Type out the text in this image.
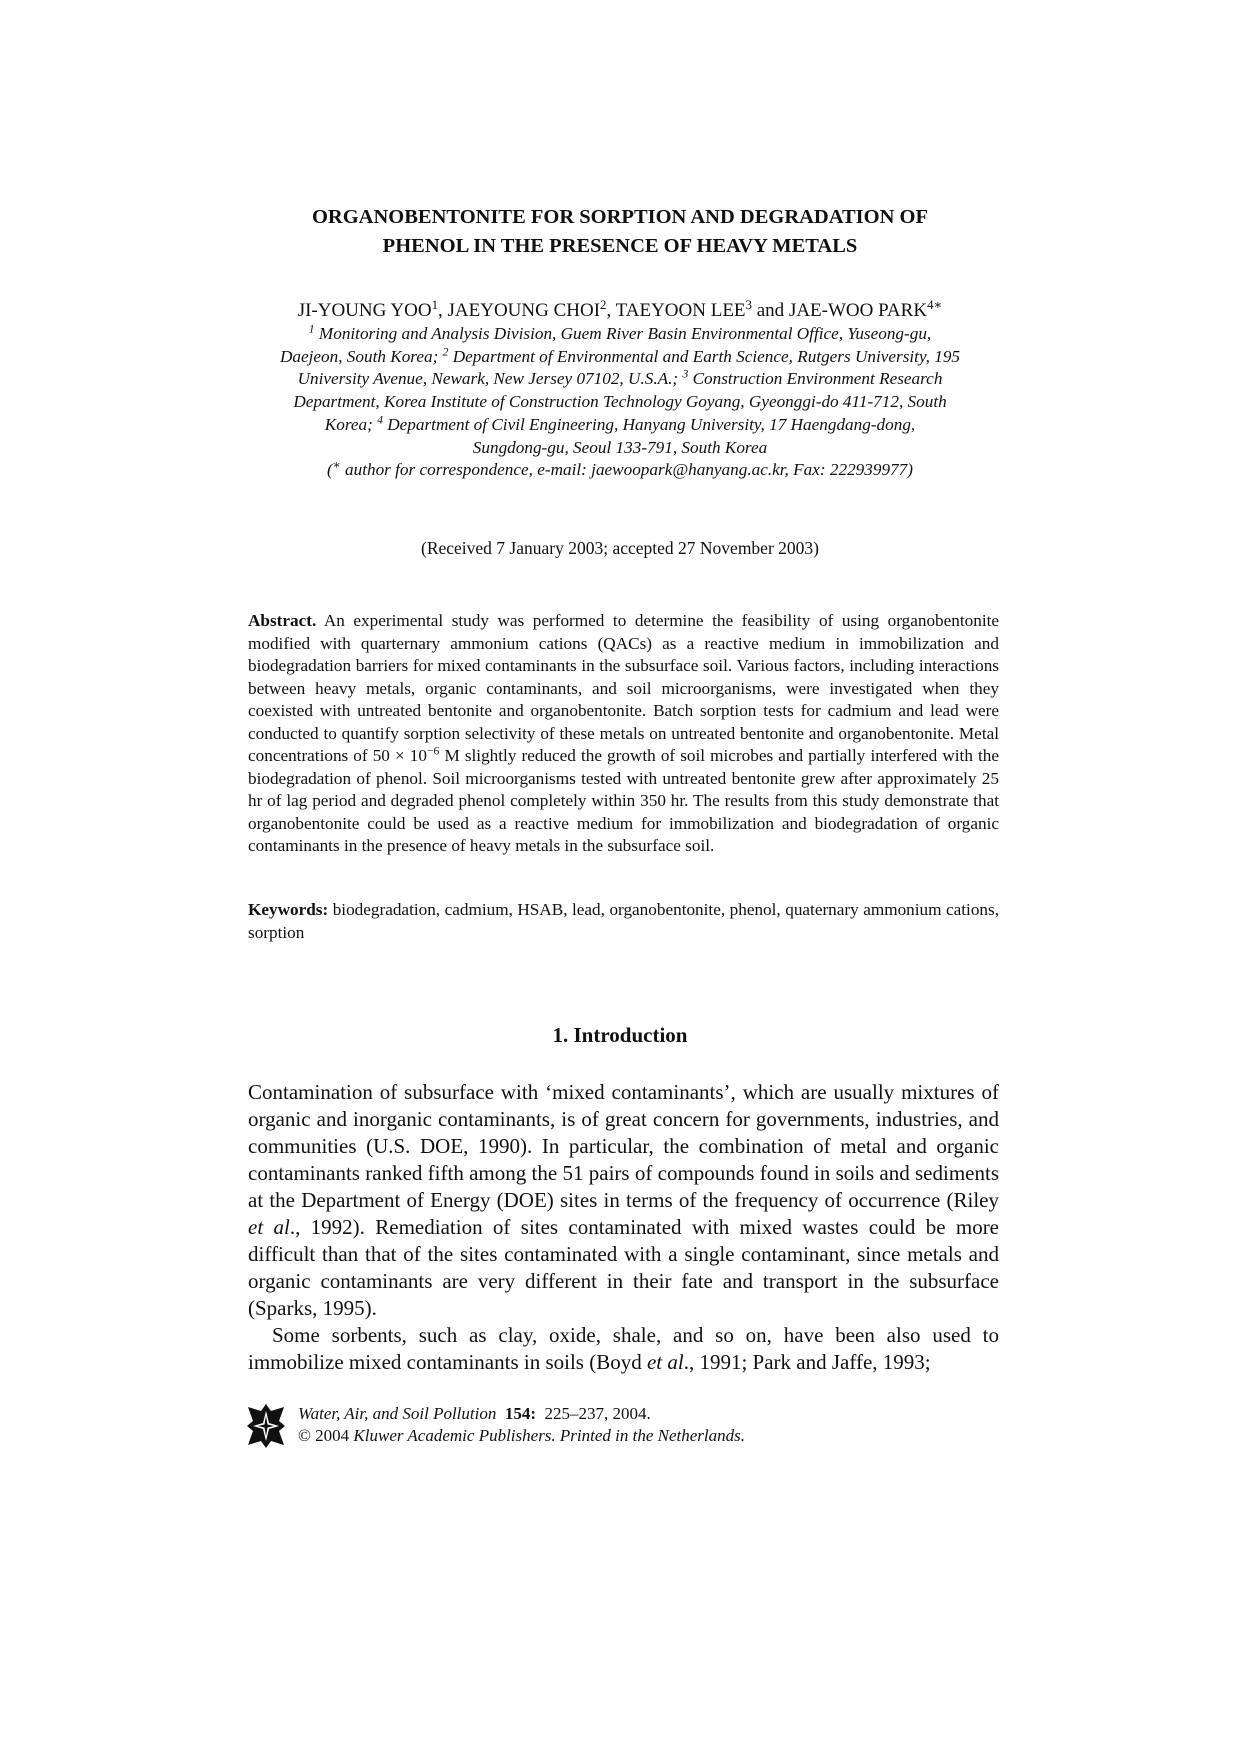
ORGANOBENTONITE FOR SORPTION AND DEGRADATION OF
PHENOL IN THE PRESENCE OF HEAVY METALS
JI-YOUNG YOO$^1$, JAEYOUNG CHOI$^2$, TAEYOON LEE$^3$ and JAE-WOO $PARK^{4∗}$
$^1$ Monitoring and Analysis Division, Guem River Basin Environmental Office, Yuseong-gu,
Daejeon, South Korea; $^2$ Department of Environmental and Earth Science, Rutgers University, 195
University Avenue, Newark, New Jersey 07102, U.S.A.; $^3$ Construction Environment Research
Department, Korea Institute of Construction Technology Goyang, Gyeonggi-do 411-712, South
Korea; $^4$ Department of Civil Engineering, Hanyang University, 17 Haengdang-dong,
Sungdong-gu, Seoul 133-791, South Korea
(∗ author for correspondence, e-mail: jaewoopark@hanyang.ac.kr, Fax: 222939977)
(Received 7 January 2003; accepted 27 November 2003)
Abstract. An experimental study was performed to determine the feasibility of using organobentonite modified with quarternary ammonium cations (QACs) as a reactive medium in immobilization and biodegradation barriers for mixed contaminants in the subsurface soil. Various factors, including interactions between heavy metals, organic contaminants, and soil microorganisms, were investigated when they coexisted with untreated bentonite and organobentonite. Batch sorption tests for cadmium and lead were conducted to quantify sorption selectivity of these metals on untreated bentonite and organobentonite. Metal concentrations of $50 \times 10^{-6}$ M slightly reduced the growth of soil microbes and partially interfered with the biodegradation of phenol. Soil microorganisms tested with untreated bentonite grew after approximately 25 hr of lag period and degraded phenol completely within 350 hr. The results from this study demonstrate that organobentonite could be used as a reactive medium for immobilization and biodegradation of organic contaminants in the presence of heavy metals in the subsurface soil.
Keywords: biodegradation, cadmium, HSAB, lead, organobentonite, phenol, quaternary ammonium cations, sorption
1. Introduction

Contamination of subsurface with ‘mixed contaminants’, which are usually mixtures of organic and inorganic contaminants, is of great concern for governments, industries, and communities (U.S. DOE, 1990). In particular, the combination of metal and organic contaminants ranked fifth among the 51 pairs of compounds found in soils and sediments at the Department of Energy (DOE) sites in terms of the frequency of occurrence (Riley et al., 1992). Remediation of sites contaminated with mixed wastes could be more difficult than that of the sites contaminated with a single contaminant, since metals and organic contaminants are very different in their fate and transport in the subsurface (Sparks, 1995).

Some sorbents, such as clay, oxide, shale, and so on, have been also used to immobilize mixed contaminants in soils (Boyd et al., 1991; Park and Jaffe, 1993;

Water, Air, and Soil Pollution 154: 225–237, 2004.
© 2004 Kluwer Academic Publishers. Printed in the Netherlands.
